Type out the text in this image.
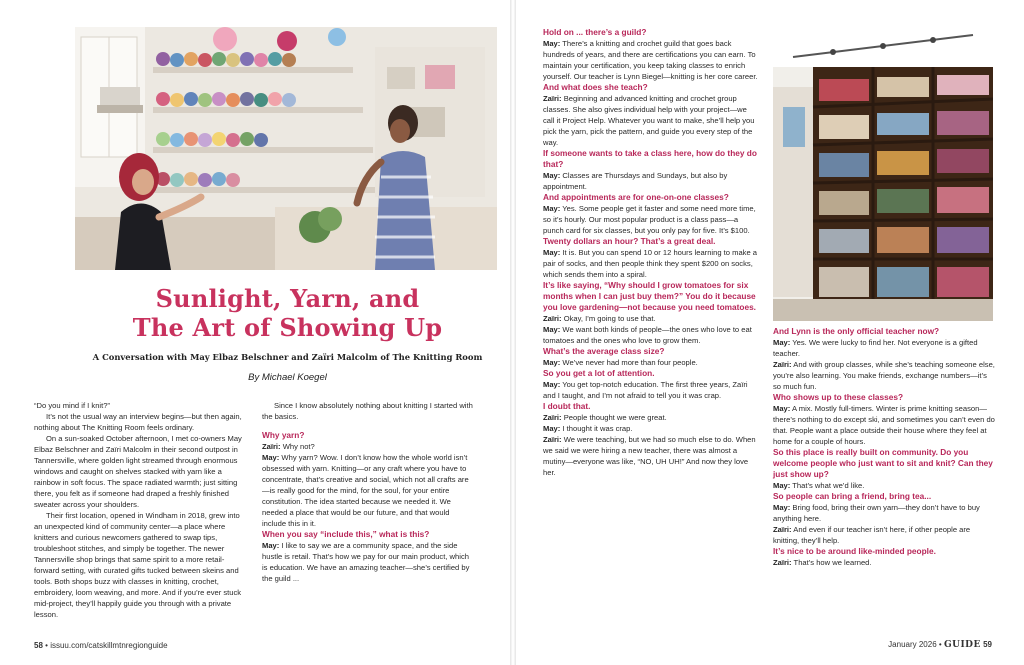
Sunlight, Yarn, and
The Art of Showing Up
A Conversation with May Elbaz Belschner and Zaïri Malcolm of The Knitting Room
By Michael Koegel

“Do you mind if I knit?”

It’s not the usual way an interview begins—but then again, nothing about The Knitting Room feels ordinary.

On a sun-soaked October afternoon, I met co-owners May Elbaz Belschner and Zaïri Malcolm in their second outpost in Tannersville, where golden light streamed through enormous windows and caught on shelves stacked with yarn like a rainbow in soft focus. The space radiated warmth; just sitting there, you felt as if someone had draped a freshly finished sweater across your shoulders.

Their first location, opened in Windham in 2018, grew into an unexpected kind of community center—a place where knitters and curious newcomers gathered to swap tips, troubleshoot stitches, and simply be together. The newer Tannersville shop brings that same spirit to a more retail-forward setting, with curated gifts tucked between skeins and tools. Both shops buzz with classes in knitting, crochet, embroidery, loom weaving, and more. And if you’re ever stuck mid-project, they’ll happily guide you through with a private lesson.

Since I know absolutely nothing about knitting I started with the basics.

Why yarn?

Zaïri: Why not?

May: Why yarn? Wow. I don’t know how the whole world isn’t obsessed with yarn. Knitting—or any craft where you have to concentrate, that’s creative and social, which not all crafts are—is really good for the mind, for the soul, for your entire constitution. The idea started because we needed it. We needed a place that would be our future, and that would include this in it.

When you say “include this,” what is this?

May: I like to say we are a community space, and the side hustle is retail. That’s how we pay for our main product, which is education. We have an amazing teacher—she’s certified by the guild ...

58 • issuu.com/catskillmtnregionguide
Hold on ... there’s a guild?

May: There’s a knitting and crochet guild that goes back hundreds of years, and there are certifications you can earn. To maintain your certification, you keep taking classes to enrich yourself. Our teacher is Lynn Biegel—knitting is her core career.

And what does she teach?

Zaïri: Beginning and advanced knitting and crochet group classes. She also gives individual help with your project—we call it Project Help. Whatever you want to make, she’ll help you pick the yarn, pick the pattern, and guide you every step of the way.

If someone wants to take a class here, how do they do that?

May: Classes are Thursdays and Sundays, but also by appointment.

And appointments are for one-on-one classes?

May: Yes. Some people get it faster and some need more time, so it’s hourly. Our most popular product is a class pass—a punch card for six classes, but you only pay for five. It’s $100.

Twenty dollars an hour? That’s a great deal.

May: It is. But you can spend 10 or 12 hours learning to make a pair of socks, and then people think they spent $200 on socks, which sends them into a spiral.

It’s like saying, “Why should I grow tomatoes for six months when I can just buy them?” You do it because you love gardening—not because you need tomatoes.

Zaïri: Okay, I’m going to use that.

May: We want both kinds of people—the ones who love to eat tomatoes and the ones who love to grow them.

What’s the average class size?

May: We’ve never had more than four people.

So you get a lot of attention.

May: You get top-notch education. The first three years, Zaïri and I taught, and I’m not afraid to tell you it was crap.

I doubt that.

Zaïri: People thought we were great.

May: I thought it was crap.

Zaïri: We were teaching, but we had so much else to do. When we said we were hiring a new teacher, there was almost a mutiny—everyone was like, “NO, UH UH!” And now they love her.

And Lynn is the only official teacher now?

May: Yes. We were lucky to find her. Not everyone is a gifted teacher.

Zaïri: And with group classes, while she’s teaching someone else, you’re also learning. You make friends, exchange numbers—it’s so much fun.

Who shows up to these classes?

May: A mix. Mostly full-timers. Winter is prime knitting season—there’s nothing to do except ski, and sometimes you can’t even do that. People want a place outside their house where they feel at home for a couple of hours.

So this place is really built on community. Do you welcome people who just want to sit and knit? Can they just show up?

May: That’s what we’d like.

So people can bring a friend, bring tea...

May: Bring food, bring their own yarn—they don’t have to buy anything here.

Zaïri: And even if our teacher isn’t here, if other people are knitting, they’ll help.

It’s nice to be around like-minded people.

Zaïri: That’s how we learned.

January 2026 • GUIDE 59
